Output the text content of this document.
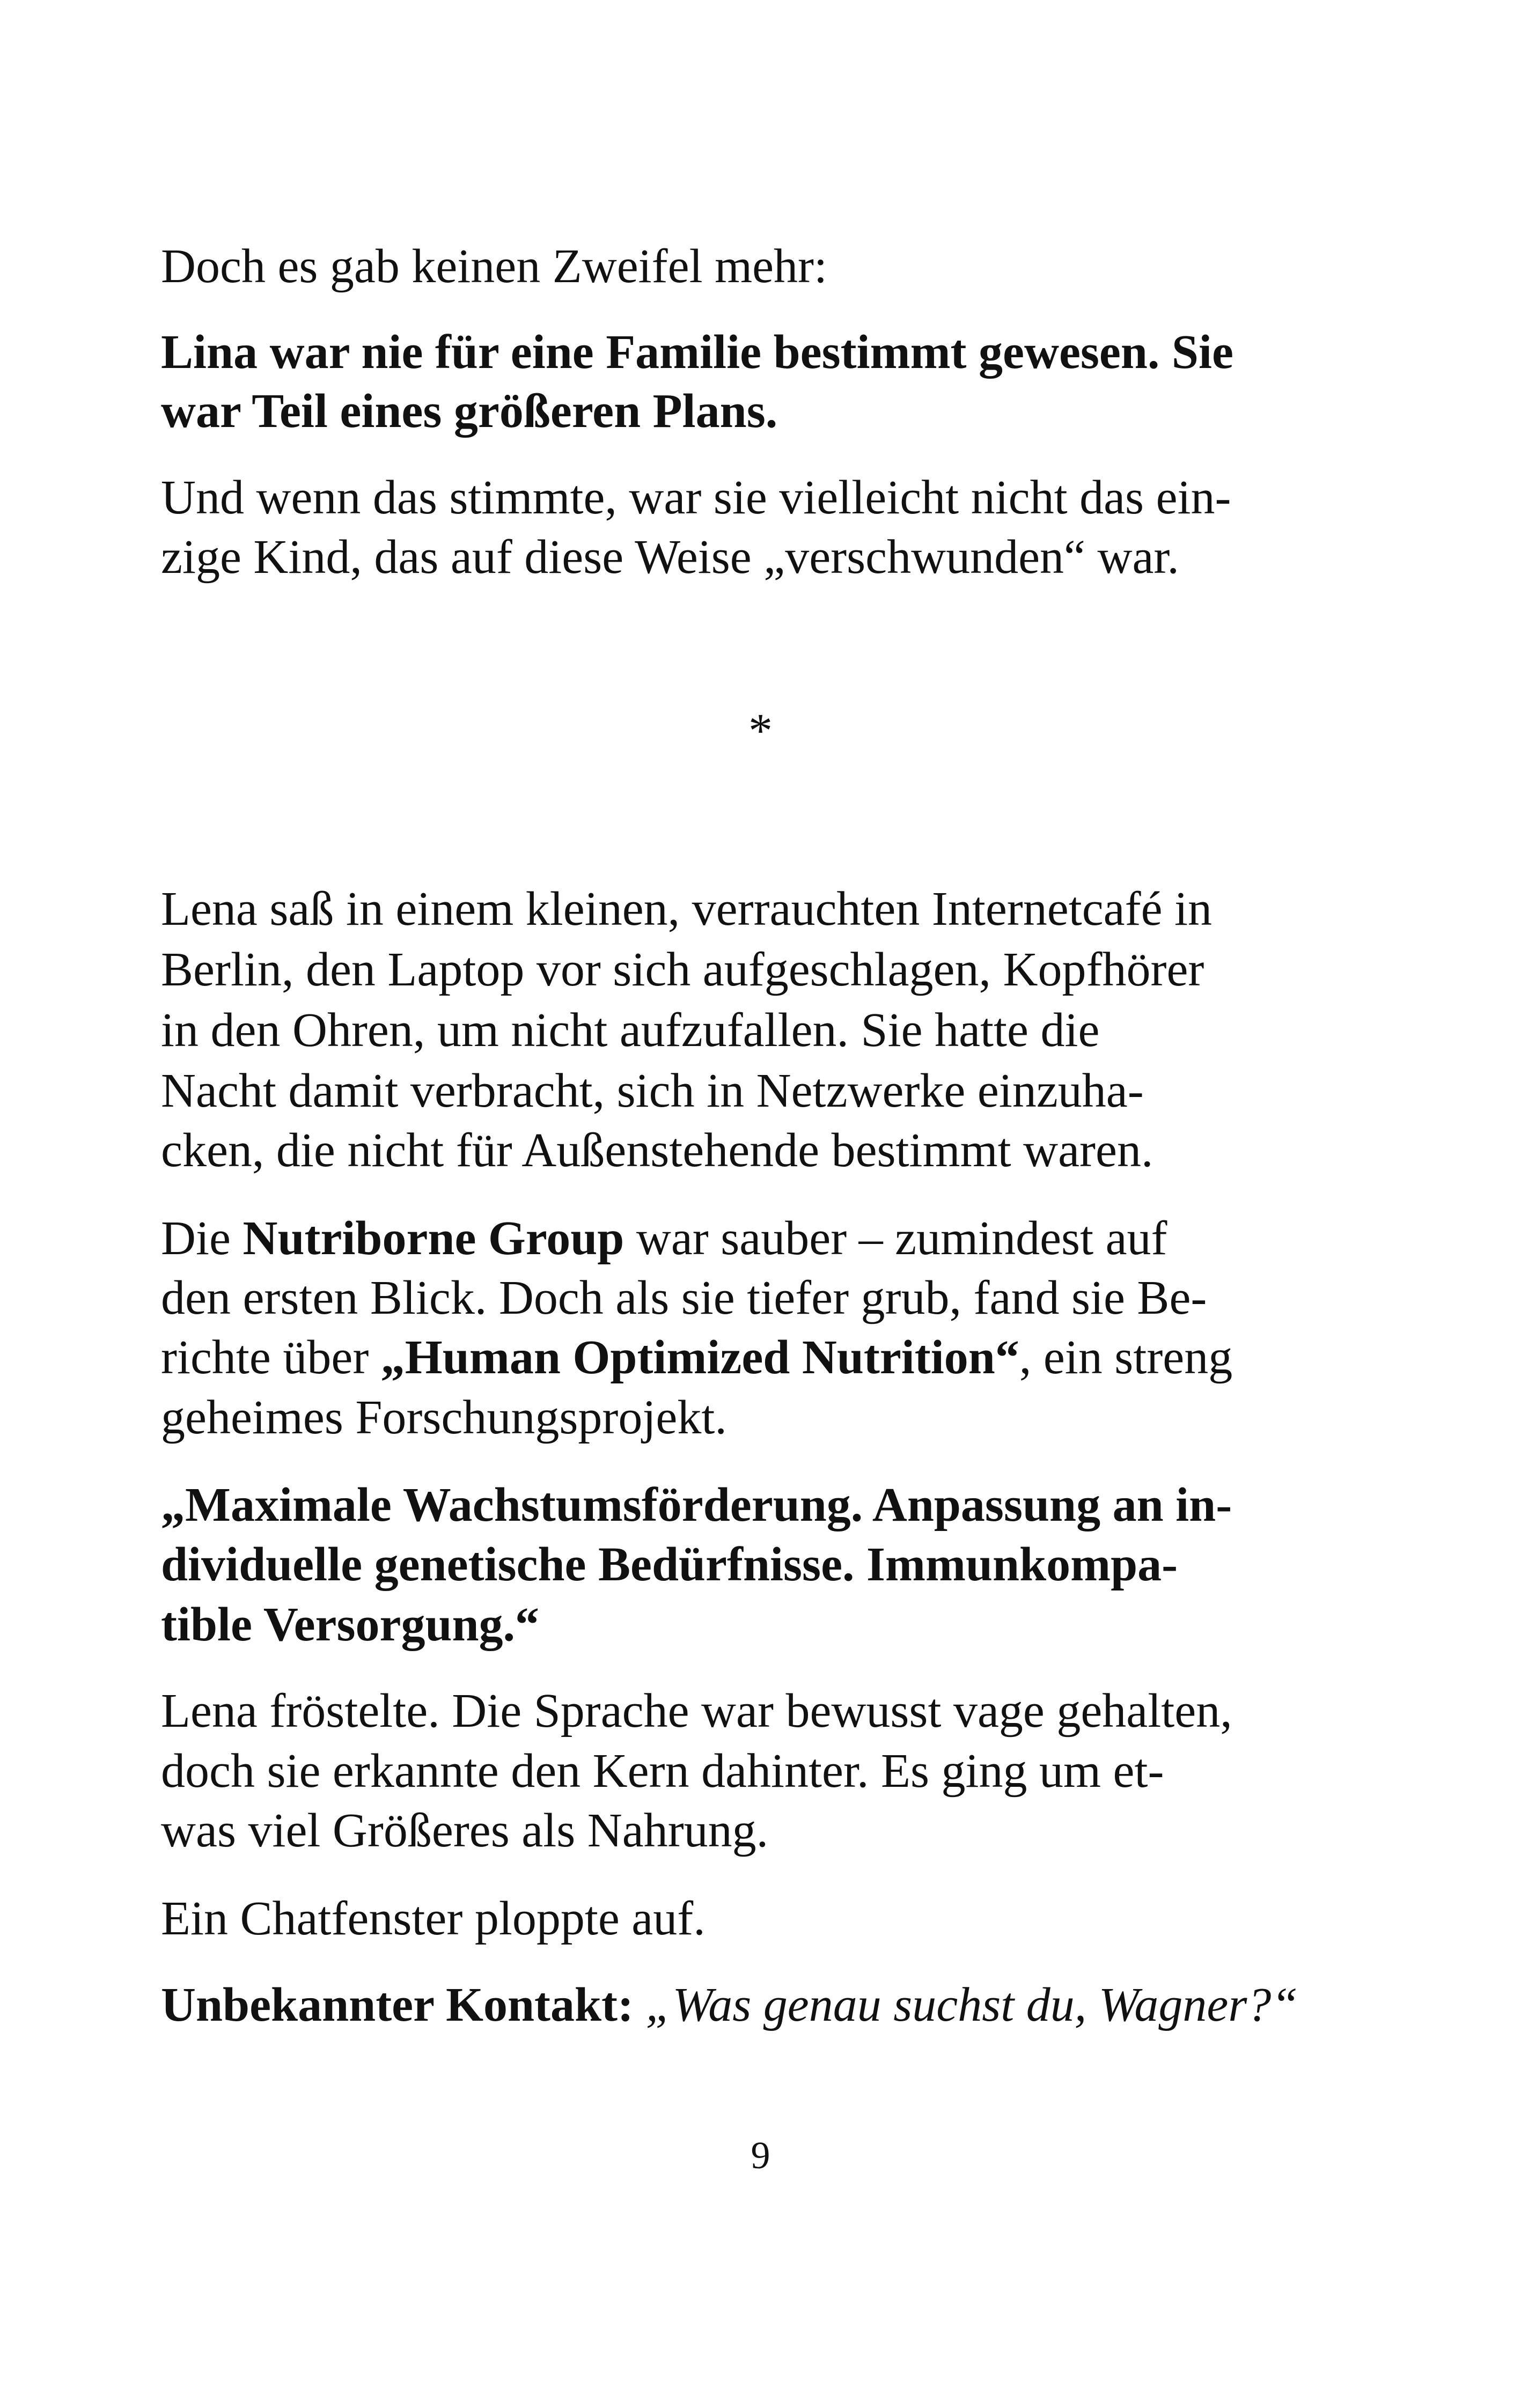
Doch es gab keinen Zweifel mehr:

Lina war nie für eine Familie bestimmt gewesen. Sie

war Teil eines größeren Plans.

Und wenn das stimmte, war sie vielleicht nicht das ein-

zige Kind, das auf diese Weise „verschwunden“ war.

*

Lena saß in einem kleinen, verrauchten Internetcafé in

Berlin, den Laptop vor sich aufgeschlagen, Kopfhörer

in den Ohren, um nicht aufzufallen. Sie hatte die

Nacht damit verbracht, sich in Netzwerke einzuha-

cken, die nicht für Außenstehende bestimmt waren.

Die Nutriborne Group war sauber – zumindest auf

den ersten Blick. Doch als sie tiefer grub, fand sie Be-

richte über „Human Optimized Nutrition“, ein streng

geheimes Forschungsprojekt.

„Maximale Wachstumsförderung. Anpassung an in-

dividuelle genetische Bedürfnisse. Immunkompa-

tible Versorgung.“

Lena fröstelte. Die Sprache war bewusst vage gehalten,

doch sie erkannte den Kern dahinter. Es ging um et-

was viel Größeres als Nahrung.

Ein Chatfenster ploppte auf.

Unbekannter Kontakt: „Was genau suchst du, Wagner?“

9
